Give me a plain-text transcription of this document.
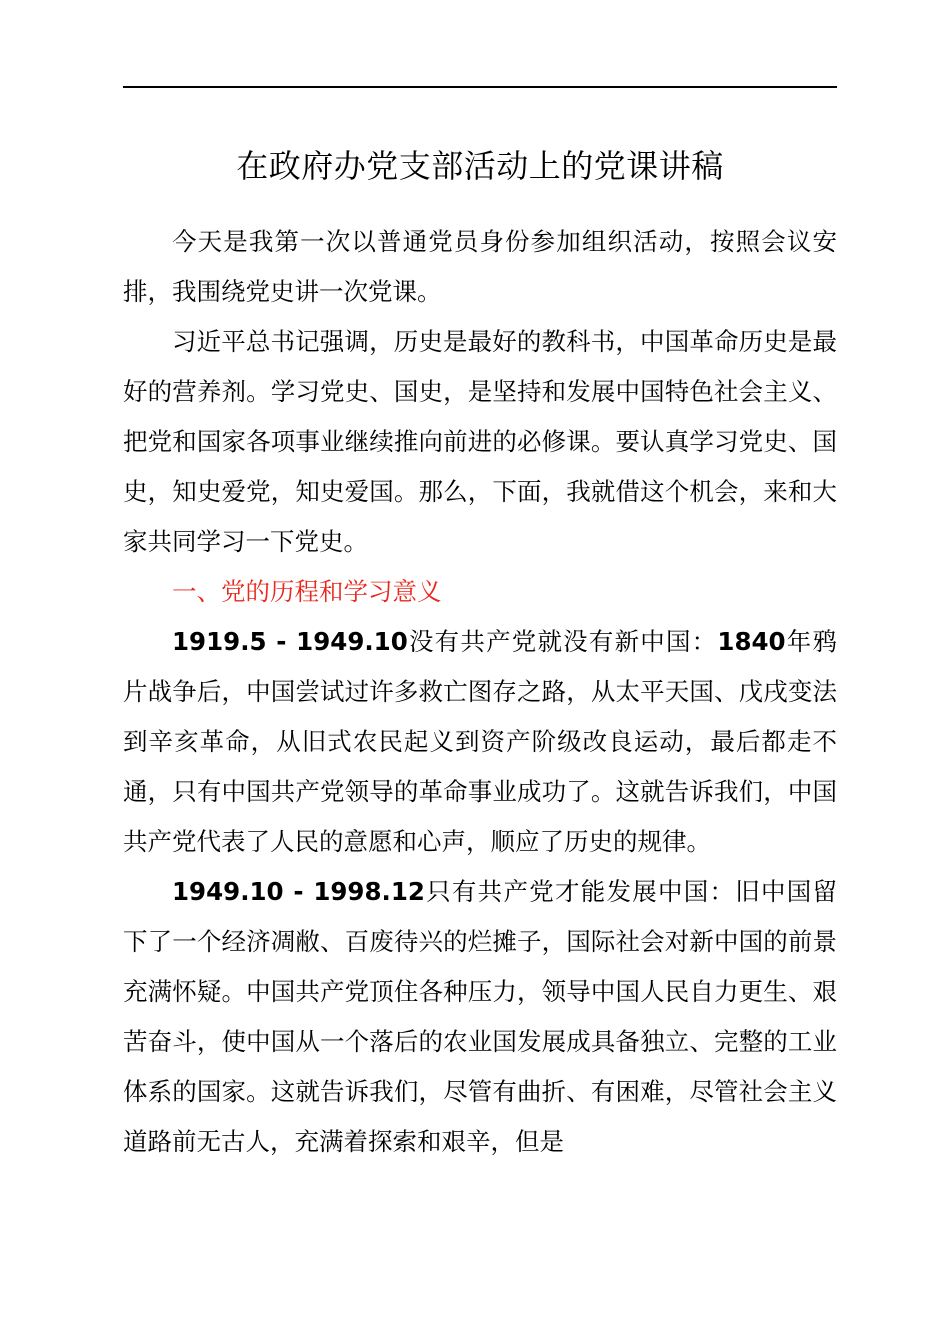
在政府办党支部活动上的党课讲稿

今天是我第一次以普通党员身份参加组织活动，按照会议安排，我围绕党史讲一次党课。

习近平总书记强调，历史是最好的教科书，中国革命历史是最好的营养剂。学习党史、国史，是坚持和发展中国特色社会主义、把党和国家各项事业继续推向前进的必修课。要认真学习党史、国史，知史爱党，知史爱国。那么，下面，我就借这个机会，来和大家共同学习一下党史。

一、党的历程和学习意义

1919.5 - 1949.10没有共产党就没有新中国：1840年鸦片战争后，中国尝试过许多救亡图存之路，从太平天国、戊戌变法到辛亥革命，从旧式农民起义到资产阶级改良运动，最后都走不通，只有中国共产党领导的革命事业成功了。这就告诉我们，中国共产党代表了人民的意愿和心声，顺应了历史的规律。

1949.10 - 1998.12只有共产党才能发展中国：旧中国留下了一个经济凋敝、百废待兴的烂摊子，国际社会对新中国的前景充满怀疑。中国共产党顶住各种压力，领导中国人民自力更生、艰苦奋斗，使中国从一个落后的农业国发展成具备独立、完整的工业体系的国家。这就告诉我们，尽管有曲折、有困难，尽管社会主义道路前无古人，充满着探索和艰辛，但是
